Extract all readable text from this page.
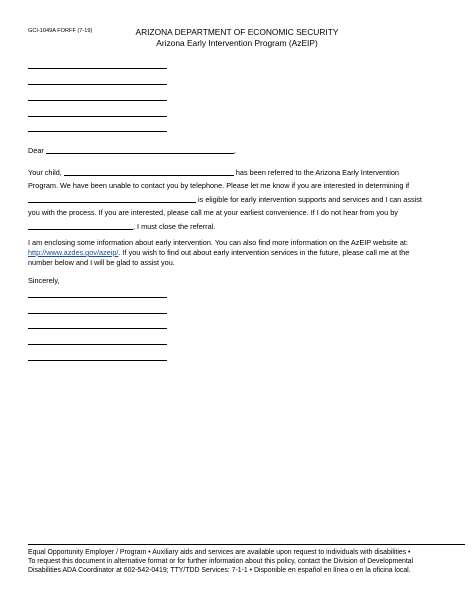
GCI-1049A FORFF (7-19)	ARIZONA DEPARTMENT OF ECONOMIC SECURITY
Arizona Early Intervention Program (AzEIP)
Dear	,
Your child,	has been referred to the Arizona Early Intervention
Program. We have been unable to contact you by telephone. Please let me know if you are interested in determining if
is eligible for early intervention supports and services and I can assist
you with the process. If you are interested, please call me at your earliest convenience. If I do not hear from you by
, I must close the referral.
I am enclosing some information about early intervention. You can also find more information on the AzEIP website at:
http://www.azdes.gov/azeip/. If you wish to find out about early intervention services in the future, please call me at the
number below and I will be glad to assist you.
Sincerely,
Equal Opportunity Employer / Program • Auxiliary aids and services are available upon request to individuals with disabilities •
To request this document in alternative format or for further information about this policy, contact the Division of Developmental
Disabilities ADA Coordinator at 602-542-0419; TTY/TDD Services: 7-1-1 • Disponible en español en línea o en la oficina local.
